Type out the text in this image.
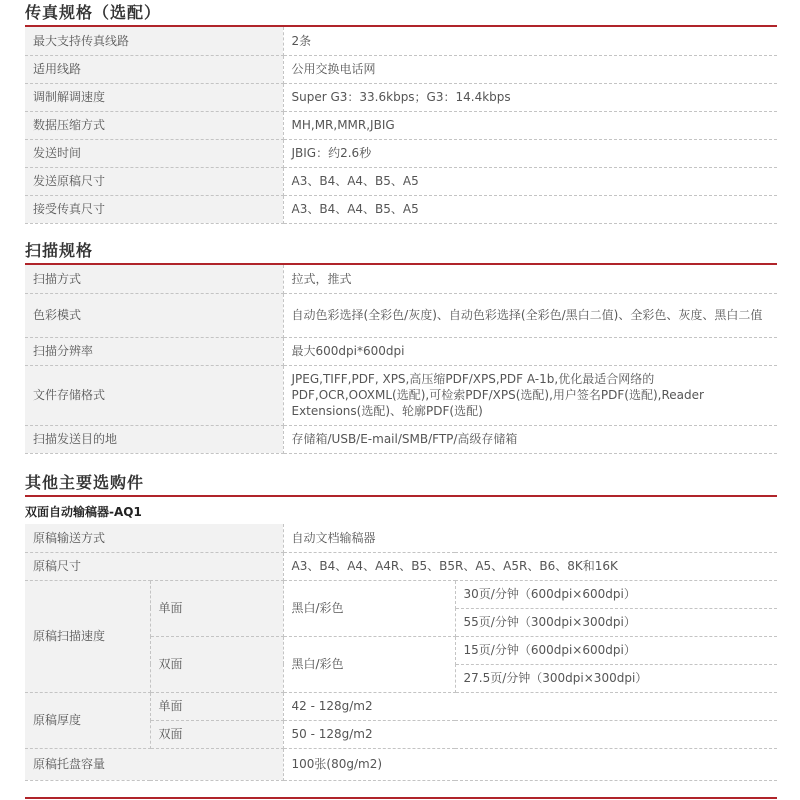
传真规格（选配）
最大支持传真线路	2条
适用线路	公用交换电话网
调制解调速度	Super G3：33.6kbps；G3：14.4kbps
数据压缩方式	MH,MR,MMR,JBIG
发送时间	JBIG：约2.6秒
发送原稿尺寸	A3、B4、A4、B5、A5
接受传真尺寸	A3、B4、A4、B5、A5
扫描规格
扫描方式	拉式，推式
色彩模式	自动色彩选择(全彩色/灰度)、自动色彩选择(全彩色/黑白二值)、全彩色、灰度、黑白二值
扫描分辨率	最大600dpi*600dpi
文件存储格式	JPEG,TIFF,PDF, XPS,高压缩PDF/XPS,PDF A-1b,优化最适合网络的PDF,OCR,OOXML(选配),可检索PDF/XPS(选配),用户签名PDF(选配),Reader Extensions(选配)、轮廓PDF(选配)
扫描发送目的地	存储箱/USB/E-mail/SMB/FTP/高级存储箱
其他主要选购件
双面自动输稿器-AQ1
原稿输送方式		自动文档输稿器	
原稿尺寸		A3、B4、A4、A4R、B5、B5R、A5、A5R、B6、8K和16K	
原稿扫描速度	单面	黑白/彩色	30页/分钟（600dpi×600dpi）
			55页/分钟（300dpi×300dpi）
	双面	黑白/彩色	15页/分钟（600dpi×600dpi）
			27.5页/分钟（300dpi×300dpi）
原稿厚度	单面	42 - 128g/m2	
	双面	50 - 128g/m2	
原稿托盘容量		100张(80g/m2)	
